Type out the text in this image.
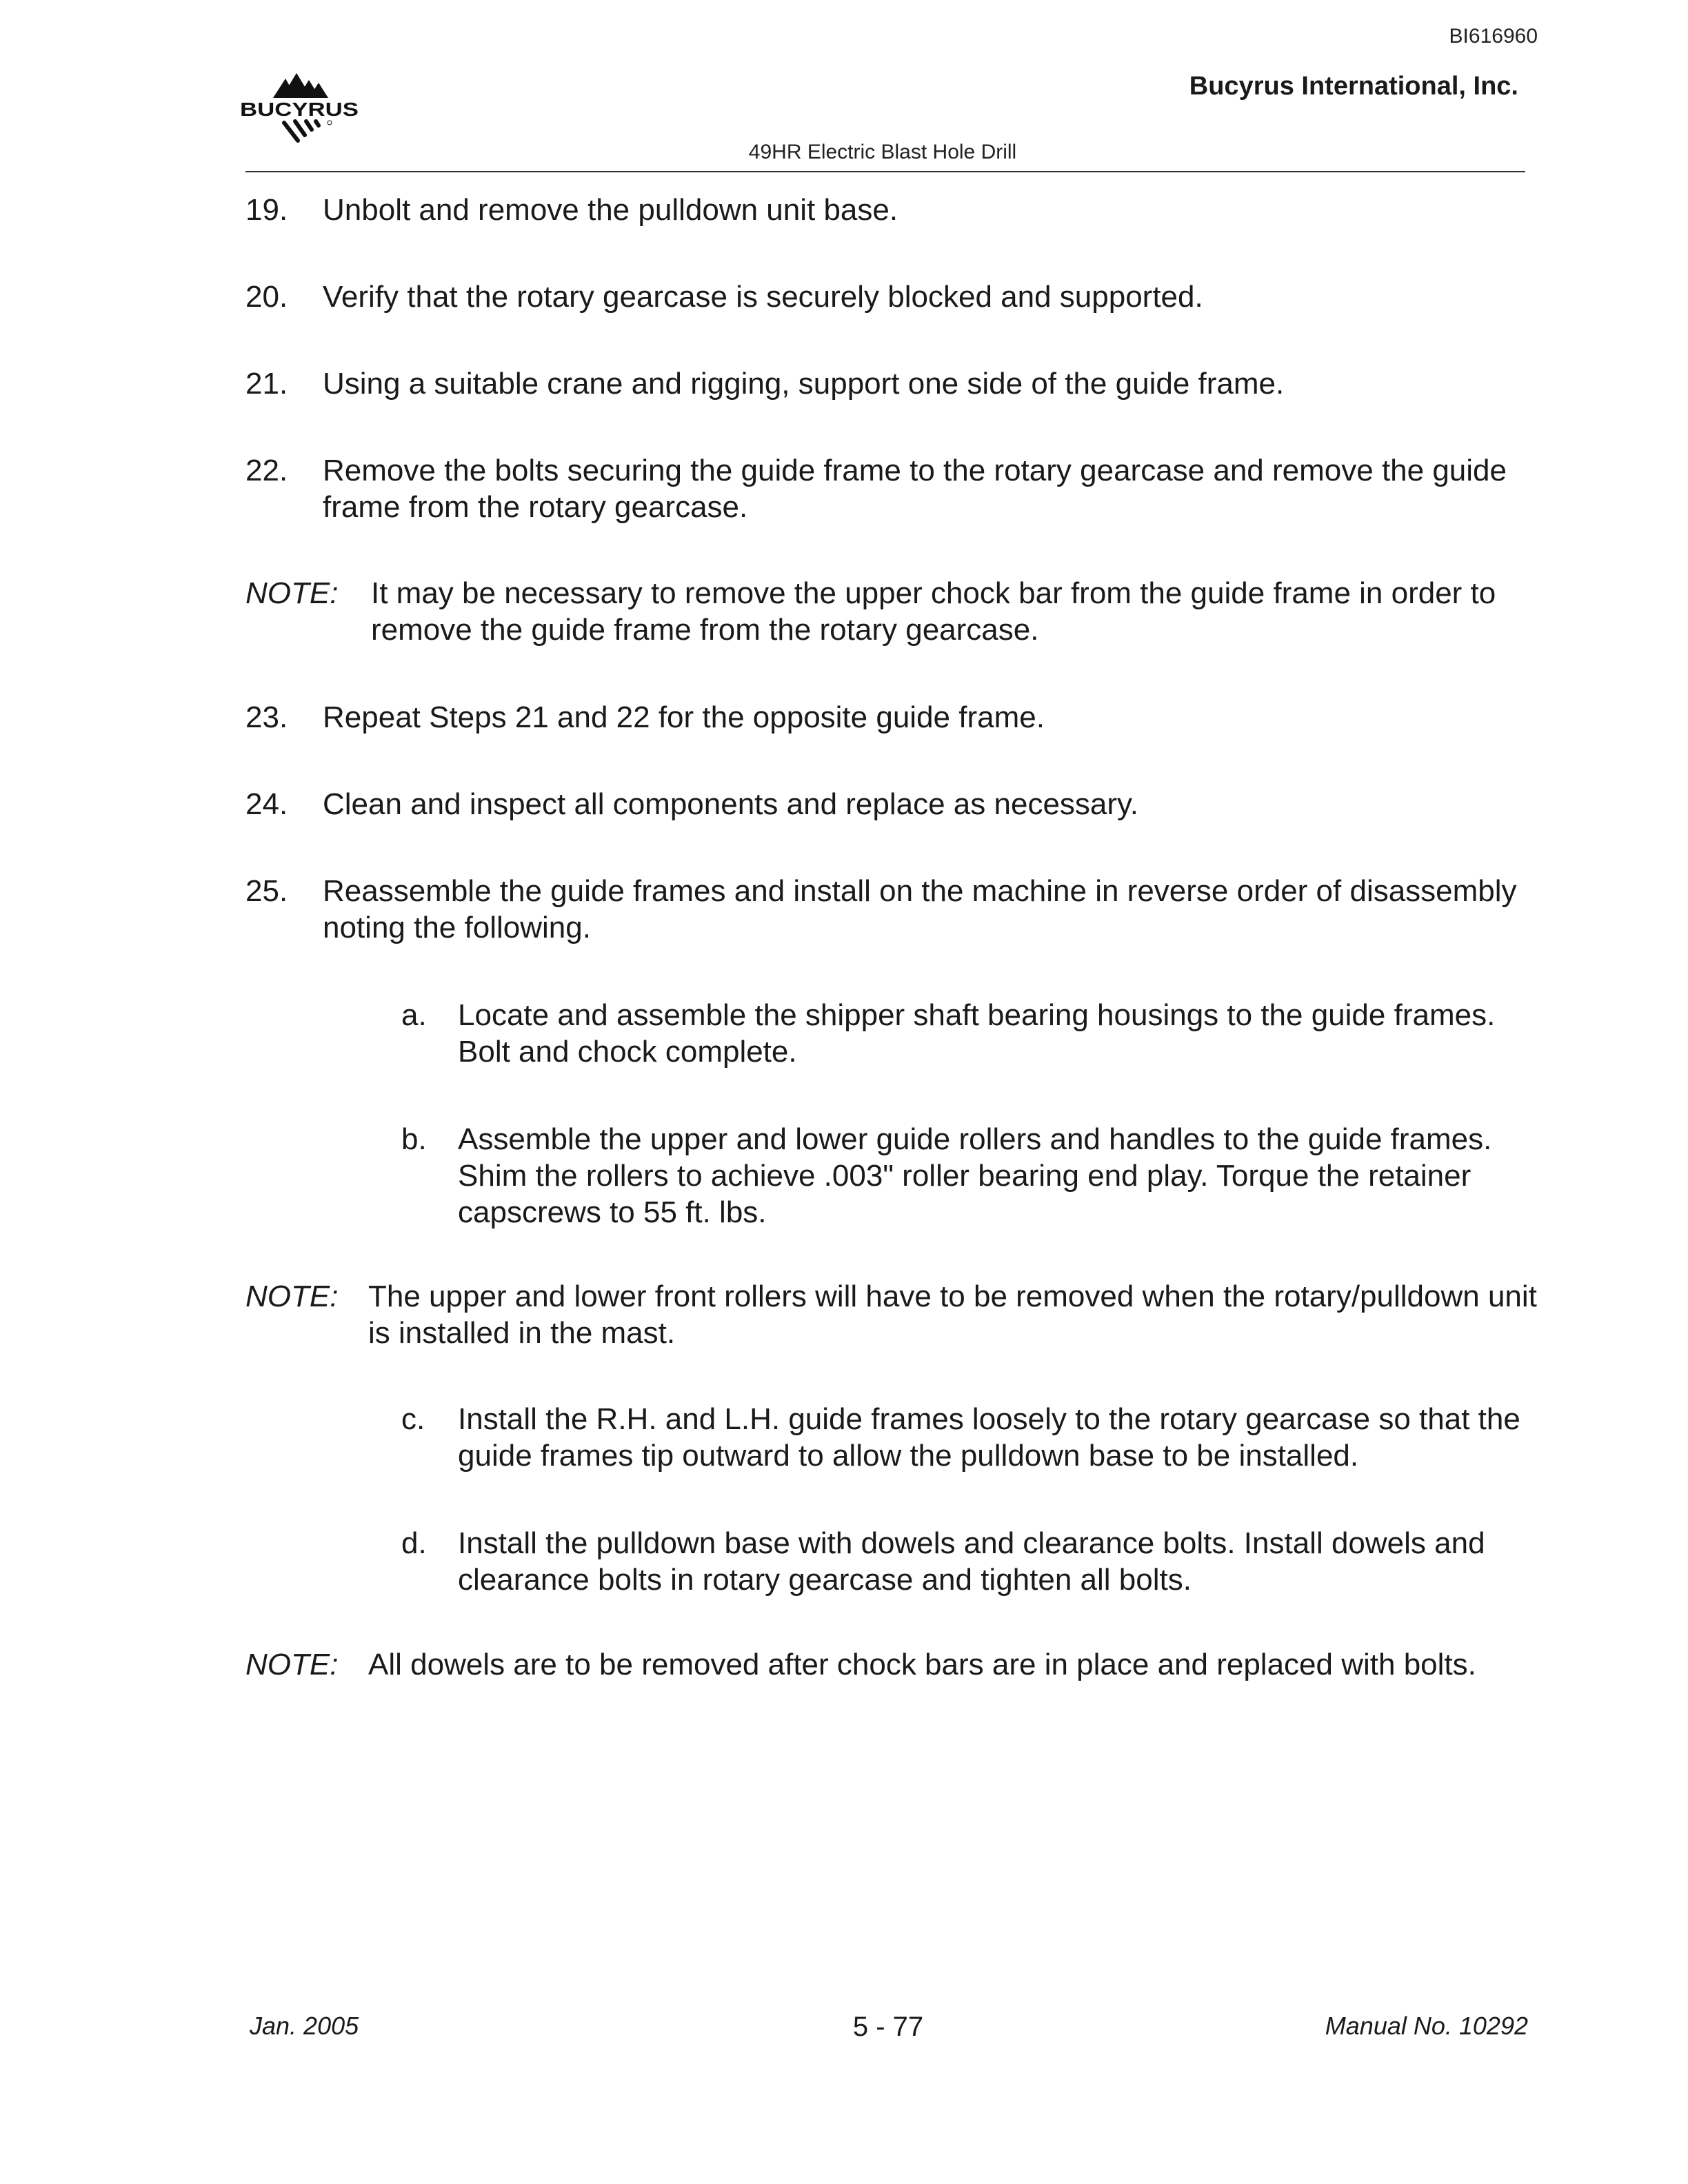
BI616960
BUCYRUS
Bucyrus International, Inc.
49HR Electric Blast Hole Drill
19. Unbolt and remove the pulldown unit base.
20. Verify that the rotary gearcase is securely blocked and supported.
21. Using a suitable crane and rigging, support one side of the guide frame.
22. Remove the bolts securing the guide frame to the rotary gearcase and remove the guide frame from the rotary gearcase.
NOTE: It may be necessary to remove the upper chock bar from the guide frame in order to remove the guide frame from the rotary gearcase.
23. Repeat Steps 21 and 22 for the opposite guide frame.
24. Clean and inspect all components and replace as necessary.
25. Reassemble the guide frames and install on the machine in reverse order of disassembly noting the following.
a. Locate and assemble the shipper shaft bearing housings to the guide frames. Bolt and chock complete.
b. Assemble the upper and lower guide rollers and handles to the guide frames. Shim the rollers to achieve .003" roller bearing end play. Torque the retainer capscrews to 55 ft. lbs.
NOTE: The upper and lower front rollers will have to be removed when the rotary/pulldown unit is installed in the mast.
c. Install the R.H. and L.H. guide frames loosely to the rotary gearcase so that the guide frames tip outward to allow the pulldown base to be installed.
d. Install the pulldown base with dowels and clearance bolts. Install dowels and clearance bolts in rotary gearcase and tighten all bolts.
NOTE: All dowels are to be removed after chock bars are in place and replaced with bolts.
Jan. 2005	5 - 77	Manual No. 10292
